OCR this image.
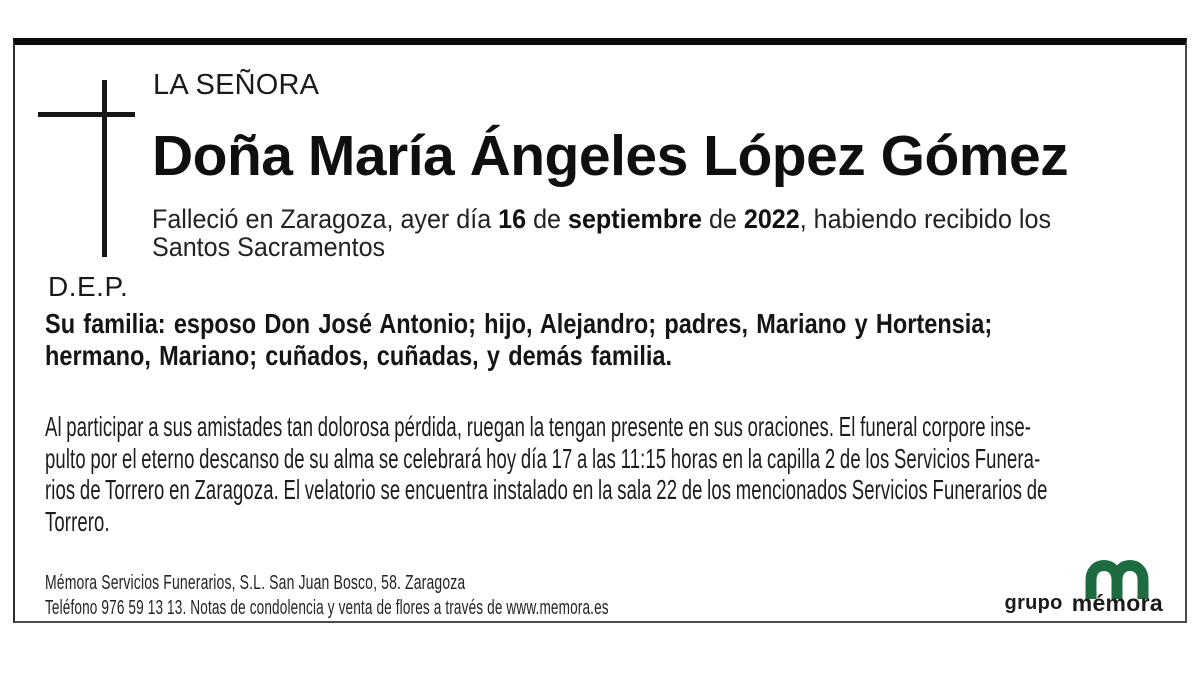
LA SEÑORA
Doña María Ángeles López Gómez
Falleció en Zaragoza, ayer día 16 de septiembre de 2022, habiendo recibido los
Santos Sacramentos
D.E.P.
Su familia: esposo Don José Antonio; hijo, Alejandro; padres, Mariano y Hortensia;
hermano, Mariano; cuñados, cuñadas, y demás familia.
Al participar a sus amistades tan dolorosa pérdida, ruegan la tengan presente en sus oraciones. El funeral corpore inse-
pulto por el eterno descanso de su alma se celebrará hoy día 17 a las 11:15 horas en la capilla 2 de los Servicios Funera-
rios de Torrero en Zaragoza. El velatorio se encuentra instalado en la sala 22 de los mencionados Servicios Funerarios de
Torrero.
Mémora Servicios Funerarios, S.L. San Juan Bosco, 58. Zaragoza
Teléfono 976 59 13 13. Notas de condolencia y venta de flores a través de www.memora.es	grupo mémora
